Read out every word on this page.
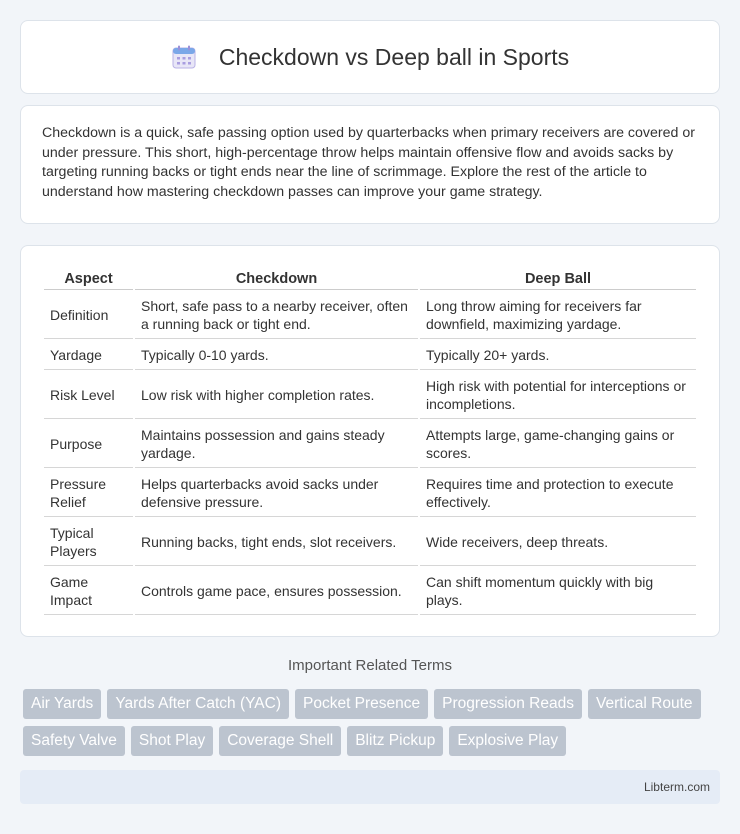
Checkdown vs Deep ball in Sports

Checkdown is a quick, safe passing option used by quarterbacks when primary receivers are covered or under pressure. This short, high-percentage throw helps maintain offensive flow and avoids sacks by targeting running backs or tight ends near the line of scrimmage. Explore the rest of the article to understand how mastering checkdown passes can improve your game strategy.

Aspect	Checkdown	Deep Ball
Definition	Short, safe pass to a nearby receiver, often a running back or tight end.	Long throw aiming for receivers far downfield, maximizing yardage.
Yardage	Typically 0-10 yards.	Typically 20+ yards.
Risk Level	Low risk with higher completion rates.	High risk with potential for interceptions or incompletions.
Purpose	Maintains possession and gains steady yardage.	Attempts large, game-changing gains or scores.
Pressure Relief	Helps quarterbacks avoid sacks under defensive pressure.	Requires time and protection to execute effectively.
Typical Players	Running backs, tight ends, slot receivers.	Wide receivers, deep threats.
Game Impact	Controls game pace, ensures possession.	Can shift momentum quickly with big plays.
Important Related Terms
Air Yards	Yards After Catch (YAC)	Pocket Presence	Progression Reads	Vertical Route
Safety Valve	Shot Play	Coverage Shell	Blitz Pickup	Explosive Play
Libterm.com
